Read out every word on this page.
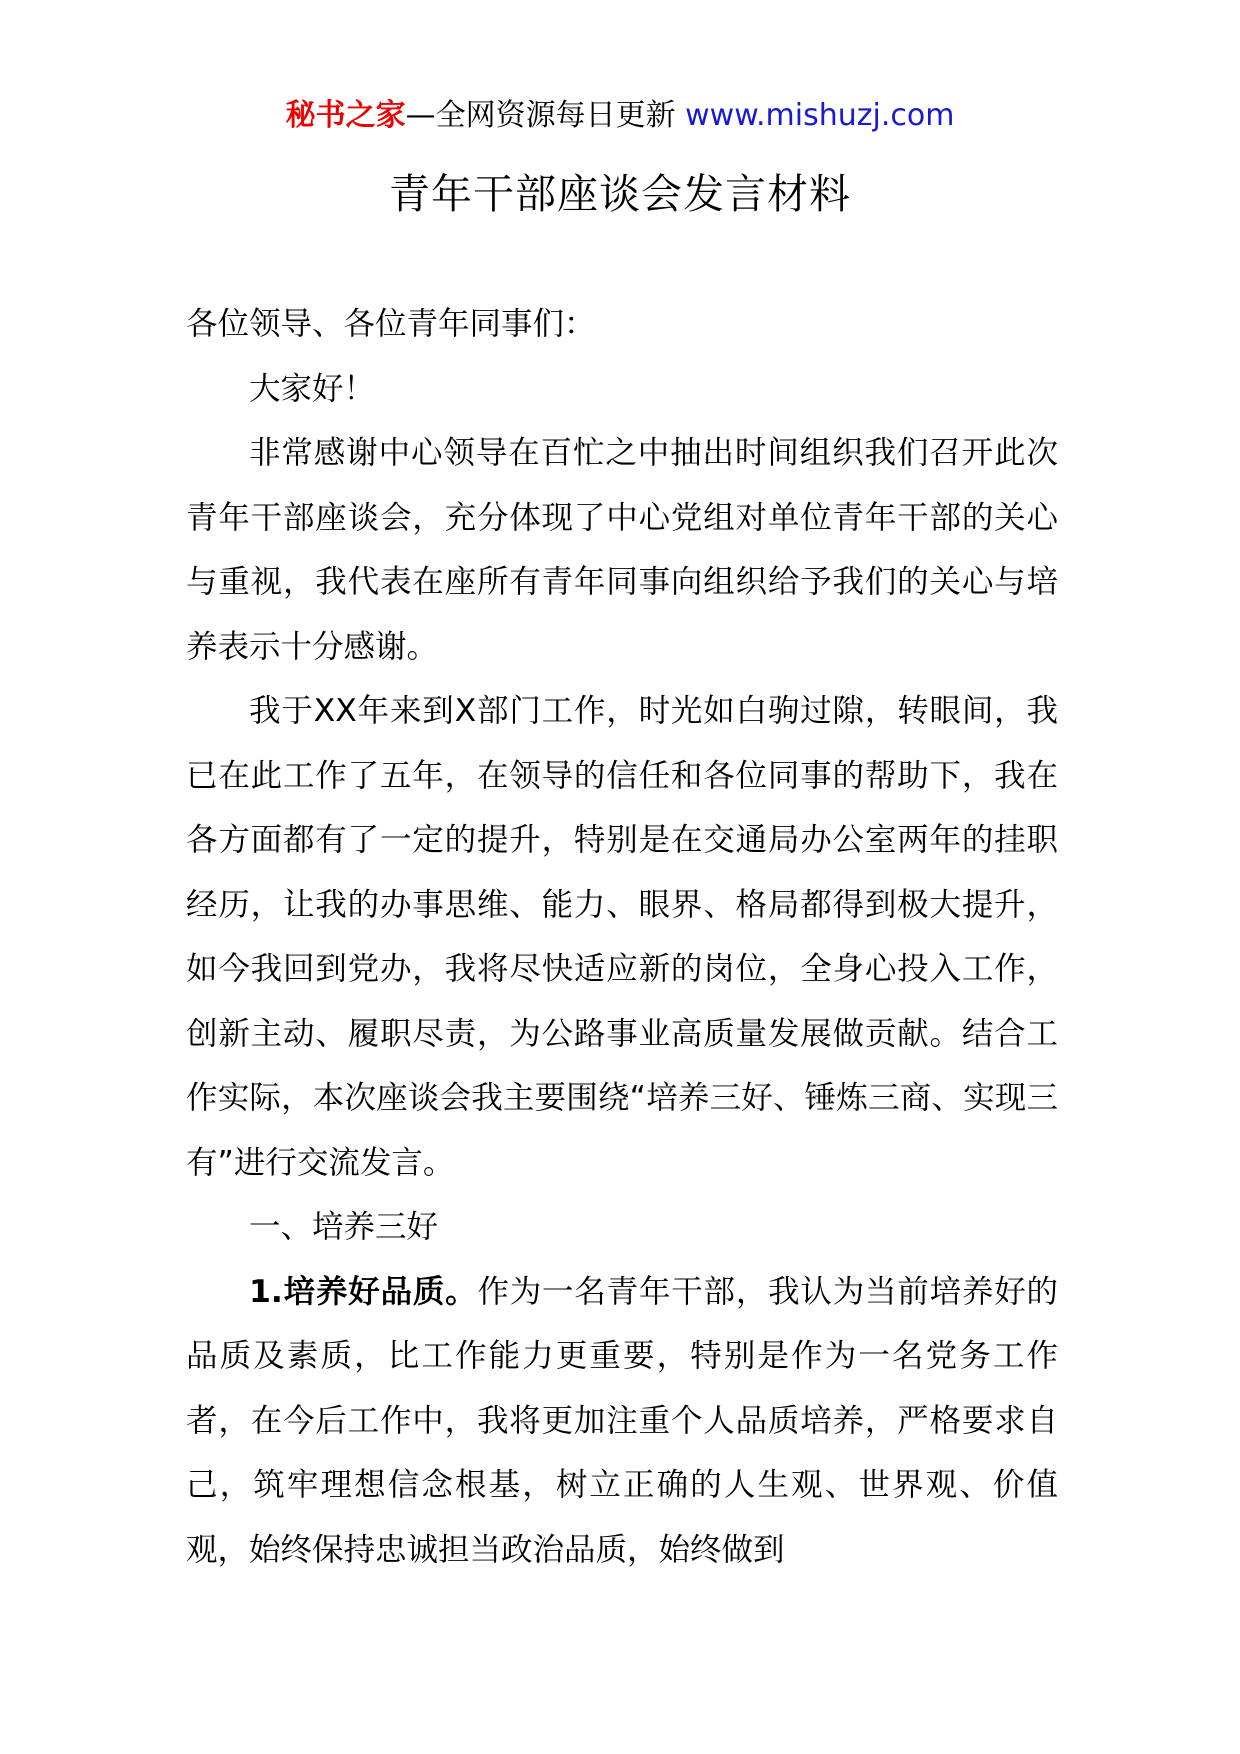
秘书之家—全网资源每日更新 www.mishuzj.com
青年干部座谈会发言材料

各位领导、各位青年同事们：

大家好！

非常感谢中心领导在百忙之中抽出时间组织我们召开此次青年干部座谈会，充分体现了中心党组对单位青年干部的关心与重视，我代表在座所有青年同事向组织给予我们的关心与培养表示十分感谢。

我于XX年来到X部门工作，时光如白驹过隙，转眼间，我已在此工作了五年，在领导的信任和各位同事的帮助下，我在各方面都有了一定的提升，特别是在交通局办公室两年的挂职经历，让我的办事思维、能力、眼界、格局都得到极大提升，如今我回到党办，我将尽快适应新的岗位，全身心投入工作，创新主动、履职尽责，为公路事业高质量发展做贡献。结合工作实际，本次座谈会我主要围绕“培养三好、锤炼三商、实现三有”进行交流发言。

一、培养三好

1.培养好品质。作为一名青年干部，我认为当前培养好的品质及素质，比工作能力更重要，特别是作为一名党务工作者，在今后工作中，我将更加注重个人品质培养，严格要求自己，筑牢理想信念根基，树立正确的人生观、世界观、价值观，始终保持忠诚担当政治品质，始终做到
